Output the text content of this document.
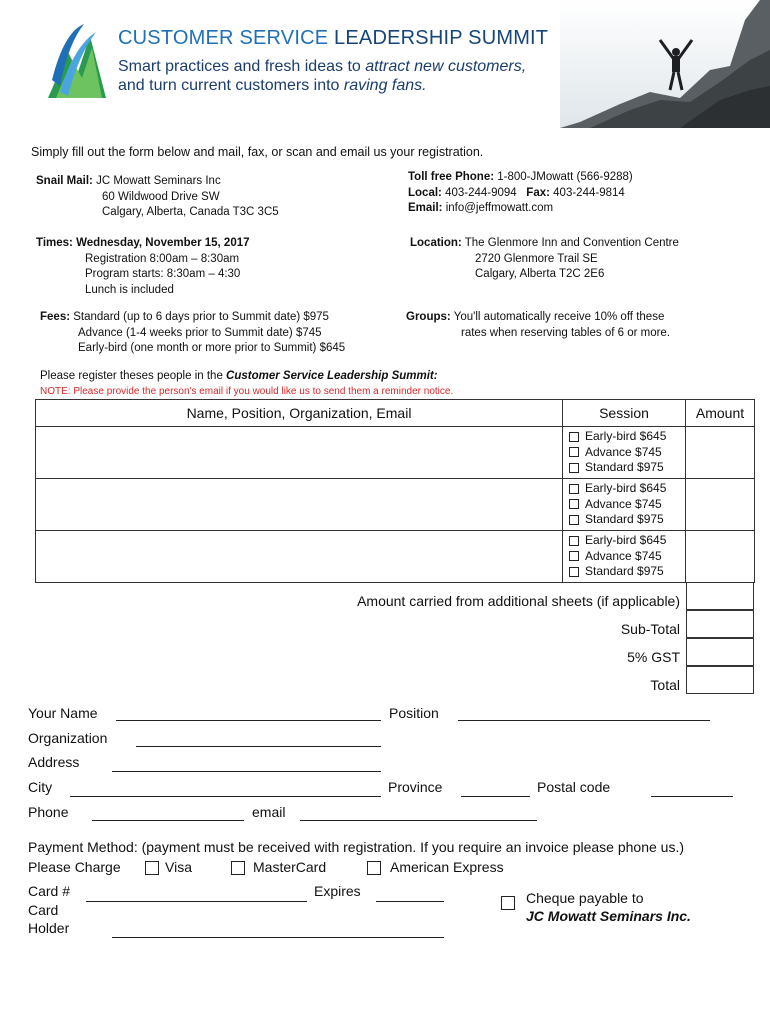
CUSTOMER SERVICE LEADERSHIP SUMMIT
Smart practices and fresh ideas to attract new customers,
and turn current customers into raving fans.
Simply fill out the form below and mail, fax, or scan and email us your registration.
Snail Mail: JC Mowatt Seminars Inc
60 Wildwood Drive SW
Calgary, Alberta, Canada T3C 3C5
Toll free Phone: 1-800-JMowatt (566-9288)
Local: 403-244-9094 Fax: 403-244-9814
Email: info@jeffmowatt.com
Times: Wednesday, November 15, 2017
Registration 8:00am – 8:30am
Program starts: 8:30am – 4:30
Lunch is included
Location: The Glenmore Inn and Convention Centre
2720 Glenmore Trail SE
Calgary, Alberta T2C 2E6
Fees: Standard (up to 6 days prior to Summit date) $975
Advance (1-4 weeks prior to Summit date) $745
Early-bird (one month or more prior to Summit) $645
Groups: You'll automatically receive 10% off these
rates when reserving tables of 6 or more.
Please register theses people in the Customer Service Leadership Summit:
NOTE: Please provide the person's email if you would like us to send them a reminder notice.
Name, Position, Organization, Email	Session	Amount

	Early-bird $645
Advance $745
Standard $975	

	Early-bird $645
Advance $745
Standard $975	

	Early-bird $645
Advance $745
Standard $975	

Amount carried from additional sheets (if applicable)
Sub-Total
5% GST
Total
Your Name	Position
Organization
Address
City	Province	Postal code
Phone	email
Payment Method: (payment must be received with registration. If you require an invoice please phone us.)
Please Charge	Visa	MasterCard	American Express
Card #	Expires
Card
Holder
Cheque payable to
JC Mowatt Seminars Inc.
